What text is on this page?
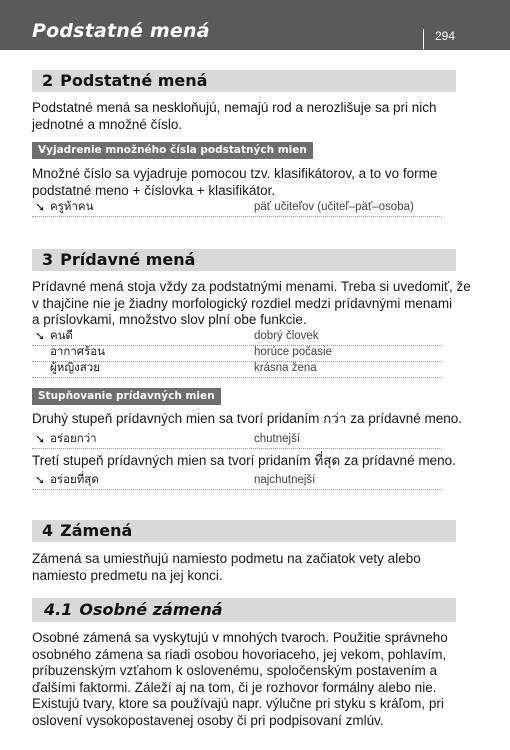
Podstatné mená	294
2 Podstatné mená

Podstatné mená sa neskloňujú, nemajú rod a nerozlišuje sa pri nich
jednotné a množné číslo.

Vyjadrenie množného čísla podstatných mien

Množné číslo sa vyjadruje pomocou tzv. klasifikátorov, a to vo forme
podstatné meno + číslovka + klasifikátor.

➘ ครูห้าคน	päť učiteľov (učiteľ–päť–osoba)
3 Prídavné mená

Prídavné mená stoja vždy za podstatnými menami. Treba si uvedomiť, že
v thajčine nie je žiadny morfologický rozdiel medzi prídavnými menami
a príslovkami, množstvo slov plní obe funkcie.

➘ คนดี	dobrý človek
อากาศร้อน	horúce počasie
ผู้หญิงสวย	krásna žena
Stupňovanie prídavných mien

Druhý stupeň prídavných mien sa tvorí pridaním กว่า za prídavné meno.

➘ อร่อยกว่า	chutnejší

Tretí stupeň prídavných mien sa tvorí pridaním ที่สุด za prídavné meno.

➘ อร่อยที่สุด	najchutnejší
4 Zámená

Zámená sa umiestňujú namiesto podmetu na začiatok vety alebo
namiesto predmetu na jej konci.

4.1 Osobné zámená

Osobné zámená sa vyskytujú v mnohých tvaroch. Použitie správneho
osobného zámena sa riadi osobou hovoriaceho, jej vekom, pohlavím,
príbuzenským vzťahom k oslovenému, spoločenským postavením a
ďalšími faktormi. Záleží aj na tom, či je rozhovor formálny alebo nie.
Existujú tvary, ktore sa používajú napr. výlučne pri styku s kráľom, pri
oslovení vysokopostavenej osoby či pri podpisovaní zmlúv.
